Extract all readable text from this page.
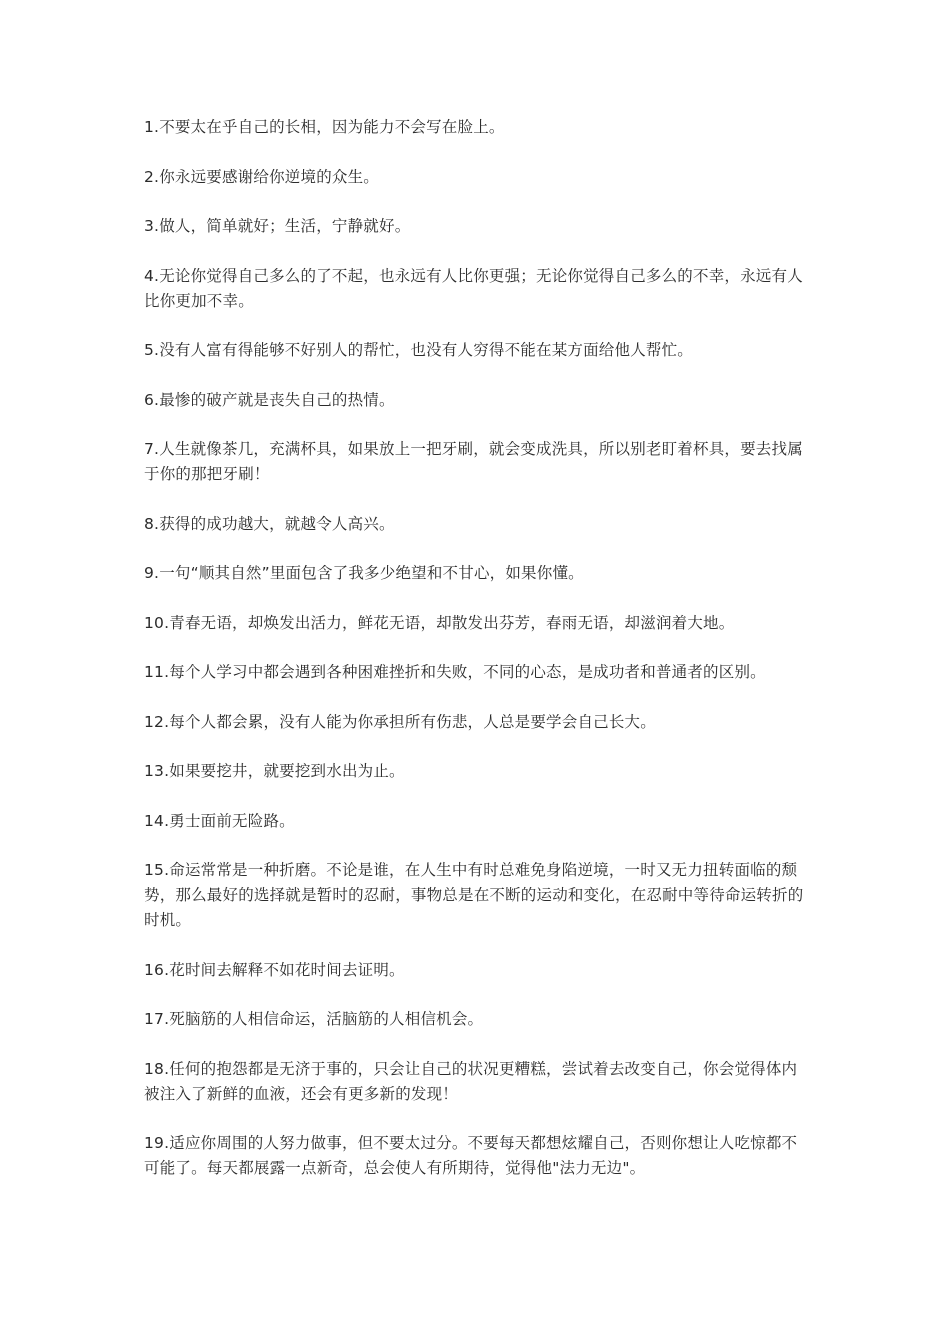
1.不要太在乎自己的长相，因为能力不会写在脸上。

2.你永远要感谢给你逆境的众生。

3.做人，简单就好；生活，宁静就好。

4.无论你觉得自己多么的了不起，也永远有人比你更强；无论你觉得自己多么的不幸，永远有人比你更加不幸。

5.没有人富有得能够不好别人的帮忙，也没有人穷得不能在某方面给他人帮忙。

6.最惨的破产就是丧失自己的热情。

7.人生就像茶几，充满杯具，如果放上一把牙刷，就会变成洗具，所以别老盯着杯具，要去找属于你的那把牙刷！

8.获得的成功越大，就越令人高兴。

9.一句“顺其自然”里面包含了我多少绝望和不甘心，如果你懂。

10.青春无语，却焕发出活力，鲜花无语，却散发出芬芳，春雨无语，却滋润着大地。

11.每个人学习中都会遇到各种困难挫折和失败，不同的心态，是成功者和普通者的区别。

12.每个人都会累，没有人能为你承担所有伤悲，人总是要学会自己长大。

13.如果要挖井，就要挖到水出为止。

14.勇士面前无险路。

15.命运常常是一种折磨。不论是谁，在人生中有时总难免身陷逆境，一时又无力扭转面临的颓势，那么最好的选择就是暂时的忍耐，事物总是在不断的运动和变化，在忍耐中等待命运转折的时机。

16.花时间去解释不如花时间去证明。

17.死脑筋的人相信命运，活脑筋的人相信机会。

18.任何的抱怨都是无济于事的，只会让自己的状况更糟糕，尝试着去改变自己，你会觉得体内被注入了新鲜的血液，还会有更多新的发现！

19.适应你周围的人努力做事，但不要太过分。不要每天都想炫耀自己，否则你想让人吃惊都不可能了。每天都展露一点新奇，总会使人有所期待，觉得他"法力无边"。
